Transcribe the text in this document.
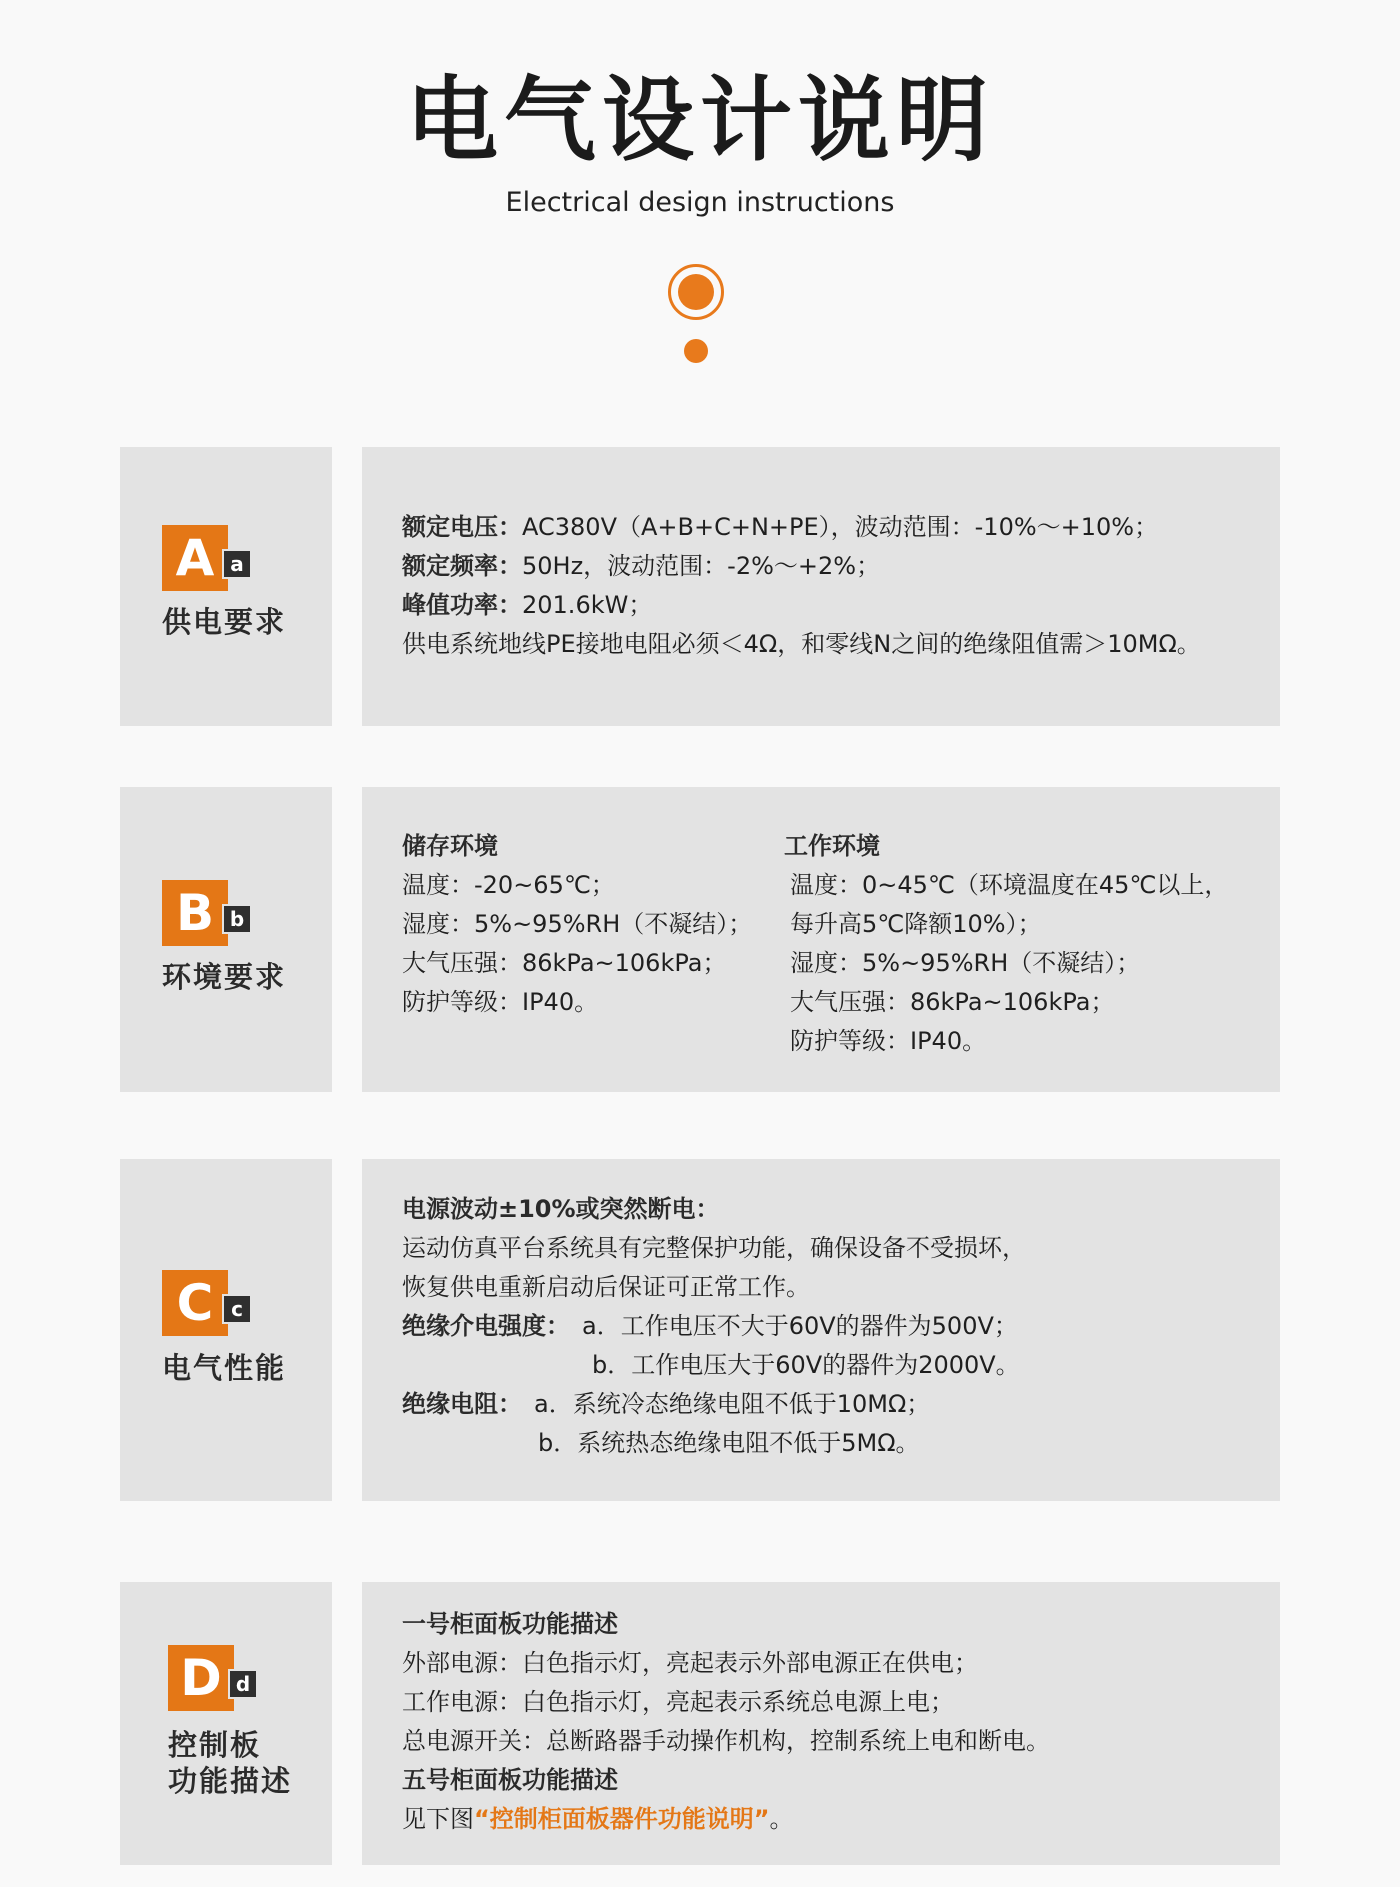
电气设计说明
Electrical design instructions
A a
供电要求
额定电压：AC380V（A+B+C+N+PE），波动范围：-10%～+10%；
额定频率：50Hz，波动范围：-2%～+2%；
峰值功率：201.6kW；
供电系统地线PE接地电阻必须＜4Ω，和零线N之间的绝缘阻值需＞10MΩ。
B b
环境要求
储存环境
温度：-20~65℃；
湿度：5%~95%RH（不凝结）；
大气压强：86kPa~106kPa；
防护等级：IP40。
工作环境
温度：0~45℃（环境温度在45℃以上，
每升高5℃降额10%）；
湿度：5%~95%RH（不凝结）；
大气压强：86kPa~106kPa；
防护等级：IP40。
C c
电气性能
电源波动±10%或突然断电：
运动仿真平台系统具有完整保护功能，确保设备不受损坏，
恢复供电重新启动后保证可正常工作。
绝缘介电强度： a．工作电压不大于60V的器件为500V；
b．工作电压大于60V的器件为2000V。
绝缘电阻： a．系统冷态绝缘电阻不低于10MΩ；
b．系统热态绝缘电阻不低于5MΩ。
D d
控制板
功能描述
一号柜面板功能描述
外部电源：白色指示灯，亮起表示外部电源正在供电；
工作电源：白色指示灯，亮起表示系统总电源上电；
总电源开关：总断路器手动操作机构，控制系统上电和断电。
五号柜面板功能描述
见下图“控制柜面板器件功能说明”。
